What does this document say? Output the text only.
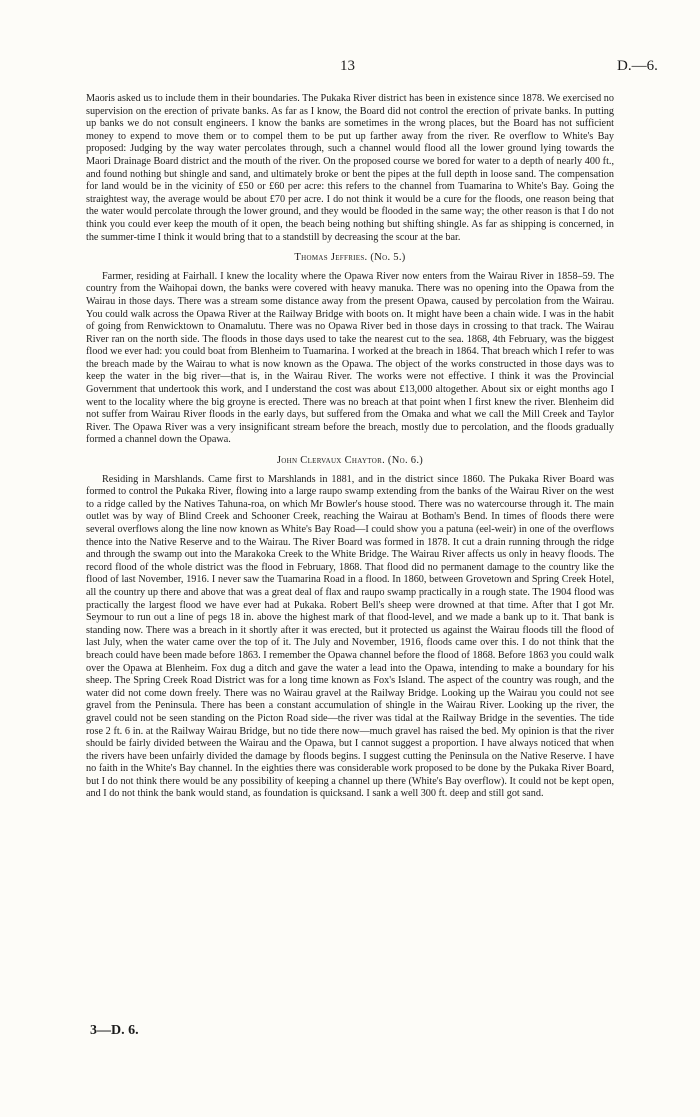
13	D.—6.

Maoris asked us to include them in their boundaries. The Pukaka River district has been in existence since 1878. We exercised no supervision on the erection of private banks. As far as I know, the Board did not control the erection of private banks. In putting up banks we do not consult engineers. I know the banks are sometimes in the wrong places, but the Board has not sufficient money to expend to move them or to compel them to be put up farther away from the river. Re overflow to White's Bay proposed: Judging by the way water percolates through, such a channel would flood all the lower ground lying towards the Maori Drainage Board district and the mouth of the river. On the proposed course we bored for water to a depth of nearly 400 ft., and found nothing but shingle and sand, and ultimately broke or bent the pipes at the full depth in loose sand. The compensation for land would be in the vicinity of £50 or £60 per acre: this refers to the channel from Tuamarina to White's Bay. Going the straightest way, the average would be about £70 per acre. I do not think it would be a cure for the floods, one reason being that the water would percolate through the lower ground, and they would be flooded in the same way; the other reason is that I do not think you could ever keep the mouth of it open, the beach being nothing but shifting shingle. As far as shipping is concerned, in the summer-time I think it would bring that to a standstill by decreasing the scour at the bar.

Thomas Jeffries. (No. 5.)

Farmer, residing at Fairhall. I knew the locality where the Opawa River now enters from the Wairau River in 1858–59. The country from the Waihopai down, the banks were covered with heavy manuka. There was no opening into the Opawa from the Wairau in those days. There was a stream some distance away from the present Opawa, caused by percolation from the Wairau. You could walk across the Opawa River at the Railway Bridge with boots on. It might have been a chain wide. I was in the habit of going from Renwicktown to Onamalutu. There was no Opawa River bed in those days in crossing to that track. The Wairau River ran on the north side. The floods in those days used to take the nearest cut to the sea. 1868, 4th February, was the biggest flood we ever had: you could boat from Blenheim to Tuamarina. I worked at the breach in 1864. That breach which I refer to was the breach made by the Wairau to what is now known as the Opawa. The object of the works constructed in those days was to keep the water in the big river—that is, in the Wairau River. The works were not effective. I think it was the Provincial Government that undertook this work, and I understand the cost was about £13,000 altogether. About six or eight months ago I went to the locality where the big groyne is erected. There was no breach at that point when I first knew the river. Blenheim did not suffer from Wairau River floods in the early days, but suffered from the Omaka and what we call the Mill Creek and Taylor River. The Opawa River was a very insignificant stream before the breach, mostly due to percolation, and the floods gradually formed a channel down the Opawa.

John Clervaux Chaytor. (No. 6.)

Residing in Marshlands. Came first to Marshlands in 1881, and in the district since 1860. The Pukaka River Board was formed to control the Pukaka River, flowing into a large raupo swamp extending from the banks of the Wairau River on the west to a ridge called by the Natives Tahuna-roa, on which Mr Bowler's house stood. There was no watercourse through it. The main outlet was by way of Blind Creek and Schooner Creek, reaching the Wairau at Botham's Bend. In times of floods there were several overflows along the line now known as White's Bay Road—I could show you a patuna (eel-weir) in one of the overflows thence into the Native Reserve and to the Wairau. The River Board was formed in 1878. It cut a drain running through the ridge and through the swamp out into the Marakoka Creek to the White Bridge. The Wairau River affects us only in heavy floods. The record flood of the whole district was the flood in February, 1868. That flood did no permanent damage to the country like the flood of last November, 1916. I never saw the Tuamarina Road in a flood. In 1860, between Grovetown and Spring Creek Hotel, all the country up there and above that was a great deal of flax and raupo swamp practically in a rough state. The 1904 flood was practically the largest flood we have ever had at Pukaka. Robert Bell's sheep were drowned at that time. After that I got Mr. Seymour to run out a line of pegs 18 in. above the highest mark of that flood-level, and we made a bank up to it. That bank is standing now. There was a breach in it shortly after it was erected, but it protected us against the Wairau floods till the flood of last July, when the water came over the top of it. The July and November, 1916, floods came over this. I do not think that the breach could have been made before 1863. I remember the Opawa channel before the flood of 1868. Before 1863 you could walk over the Opawa at Blenheim. Fox dug a ditch and gave the water a lead into the Opawa, intending to make a boundary for his sheep. The Spring Creek Road District was for a long time known as Fox's Island. The aspect of the country was rough, and the water did not come down freely. There was no Wairau gravel at the Railway Bridge. Looking up the Wairau you could not see gravel from the Peninsula. There has been a constant accumulation of shingle in the Wairau River. Looking up the river, the gravel could not be seen standing on the Picton Road side—the river was tidal at the Railway Bridge in the seventies. The tide rose 2 ft. 6 in. at the Railway Wairau Bridge, but no tide there now—much gravel has raised the bed. My opinion is that the river should be fairly divided between the Wairau and the Opawa, but I cannot suggest a proportion. I have always noticed that when the rivers have been unfairly divided the damage by floods begins. I suggest cutting the Peninsula on the Native Reserve. I have no faith in the White's Bay channel. In the eighties there was considerable work proposed to be done by the Pukaka River Board, but I do not think there would be any possibility of keeping a channel up there (White's Bay overflow). It could not be kept open, and I do not think the bank would stand, as foundation is quicksand. I sank a well 300 ft. deep and still got sand.

3—D. 6.
